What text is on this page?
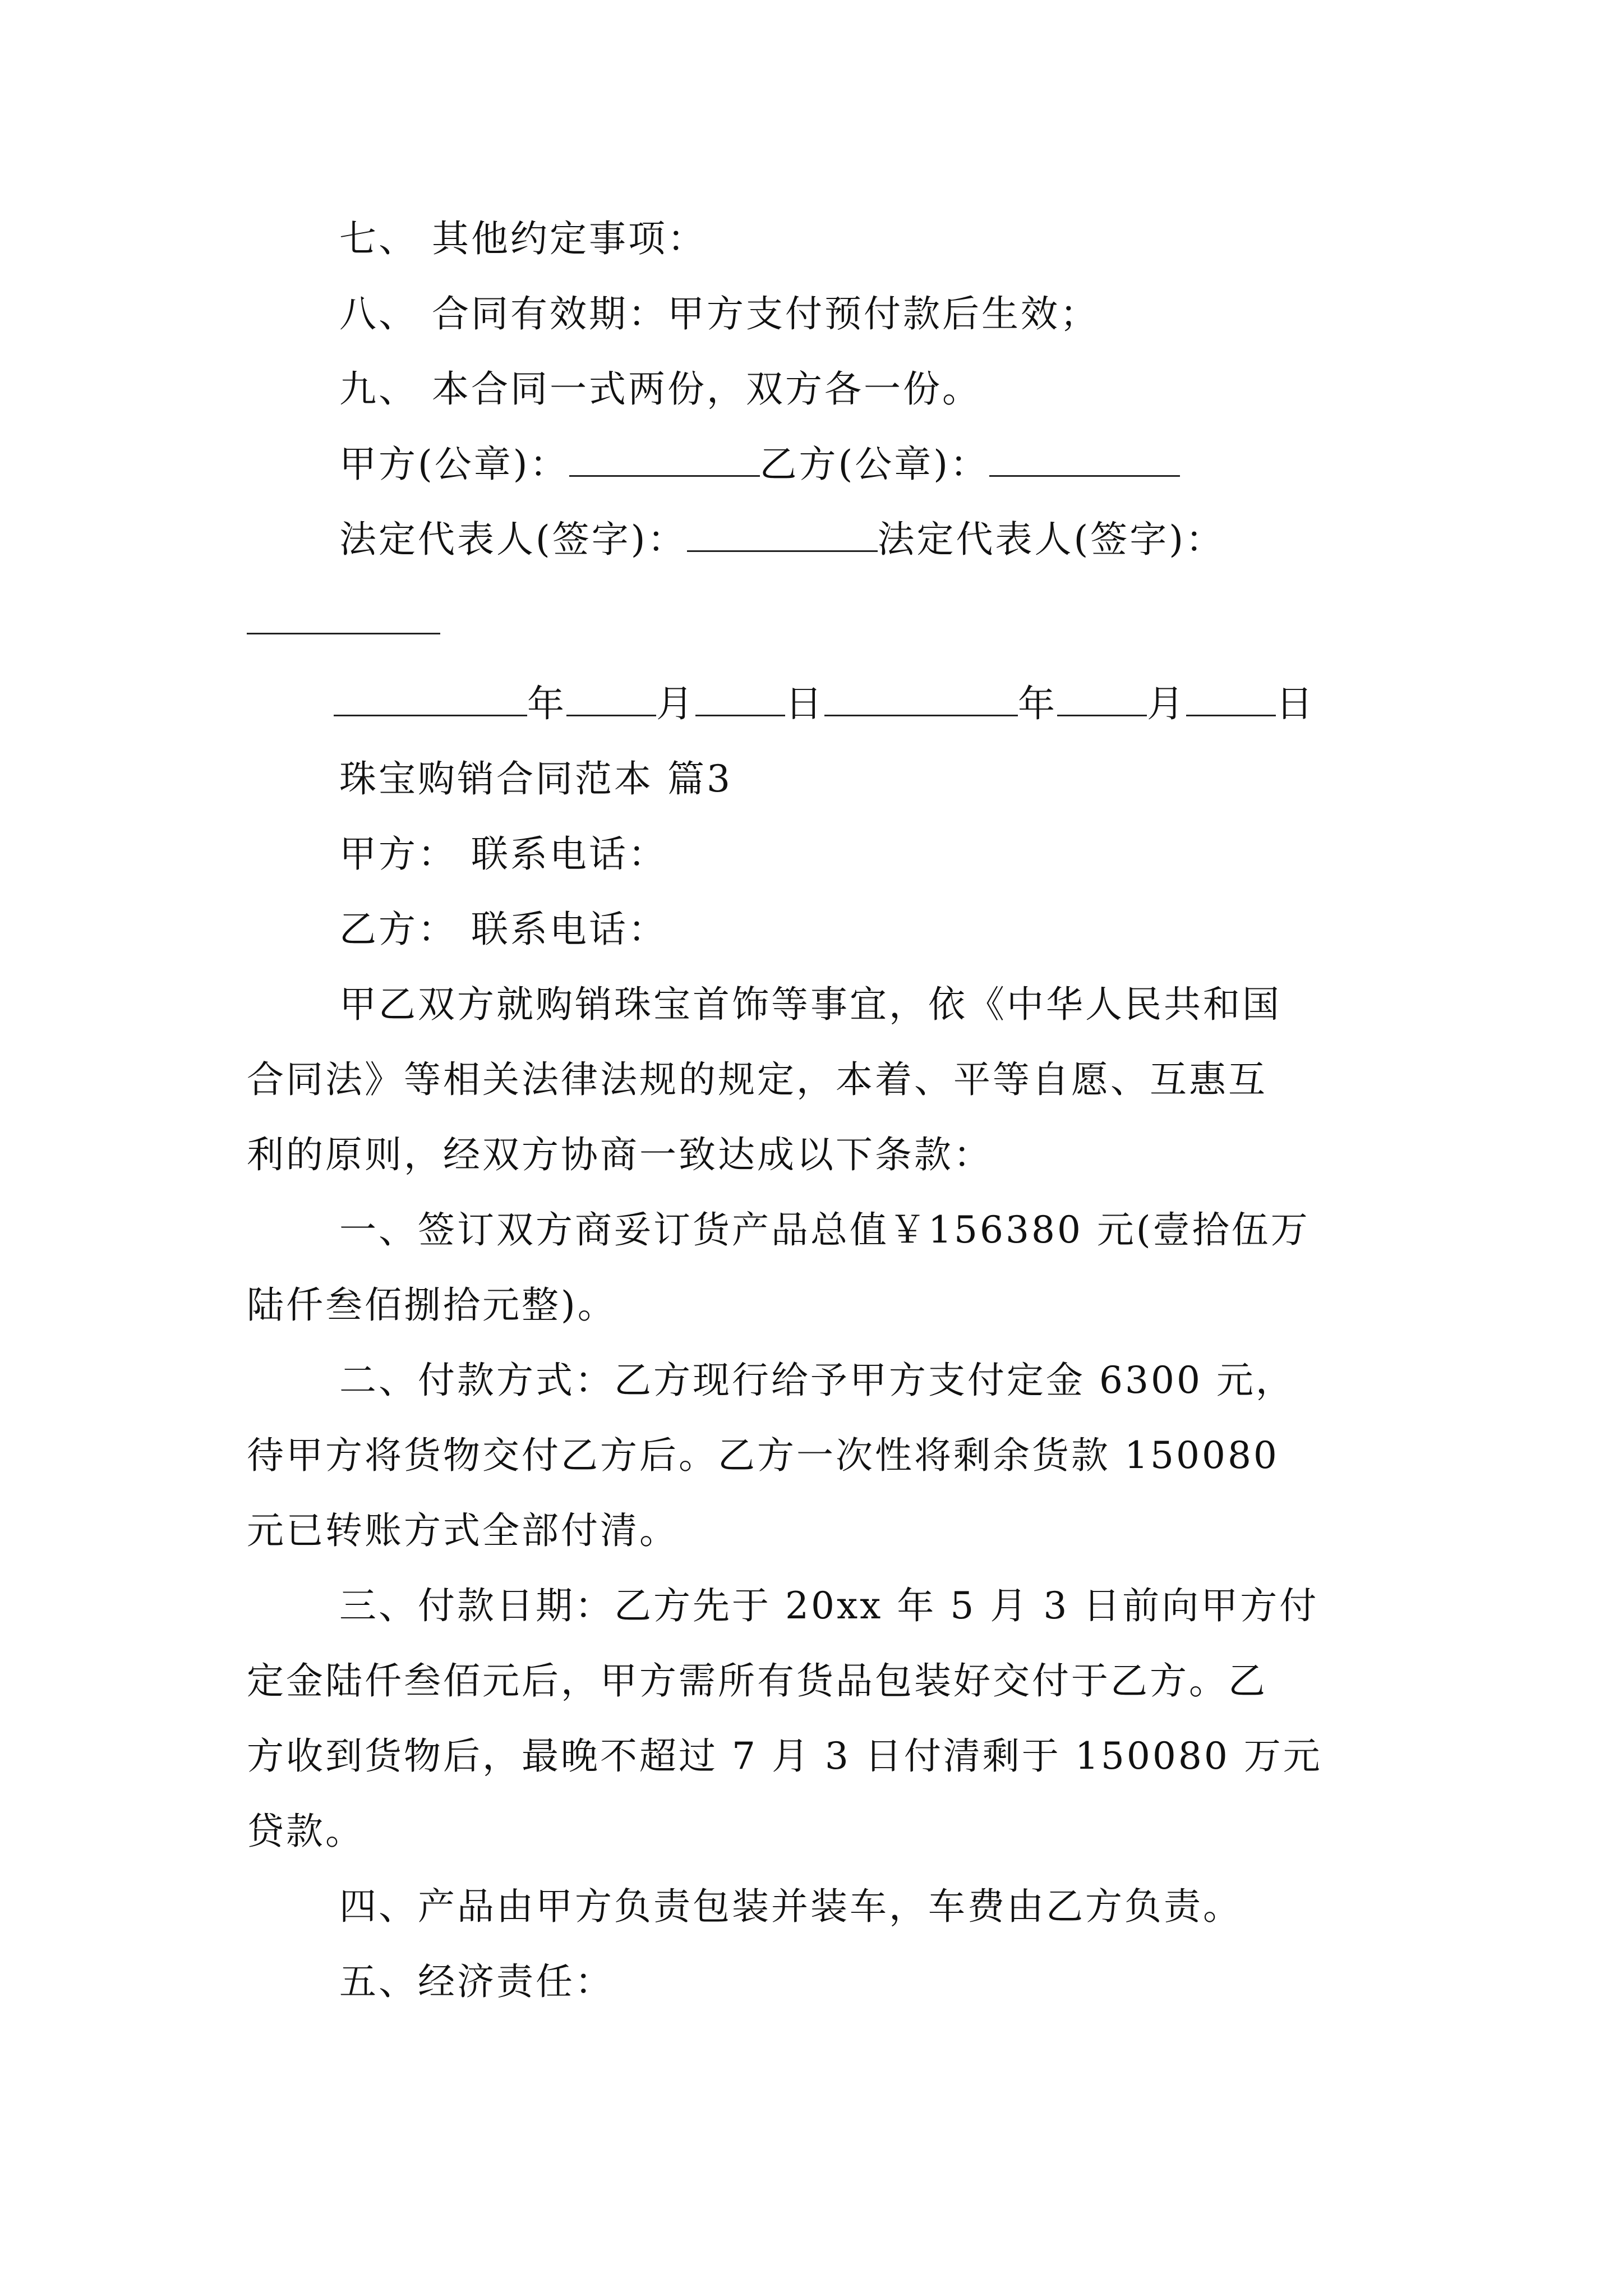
七、 其他约定事项：
八、 合同有效期：甲方支付预付款后生效；
九、 本合同一式两份，双方各一份。
甲方(公章)：	乙方(公章)：
法定代表人(签字)：	法定代表人(签字)：
年 月 日	年 月 日
珠宝购销合同范本 篇3
甲方： 联系电话：
乙方： 联系电话：
甲乙双方就购销珠宝首饰等事宜，依《中华人民共和国
合同法》等相关法律法规的规定，本着、平等自愿、互惠互
利的原则，经双方协商一致达成以下条款：
一、签订双方商妥订货产品总值￥156380 元(壹拾伍万
陆仟叁佰捌拾元整)。
二、付款方式：乙方现行给予甲方支付定金 6300 元，
待甲方将货物交付乙方后。乙方一次性将剩余货款 150080
元已转账方式全部付清。
三、付款日期：乙方先于 20xx 年 5 月 3 日前向甲方付
定金陆仟叁佰元后，甲方需所有货品包装好交付于乙方。乙
方收到货物后，最晚不超过 7 月 3 日付清剩于 150080 万元
贷款。
四、产品由甲方负责包装并装车，车费由乙方负责。
五、经济责任：
